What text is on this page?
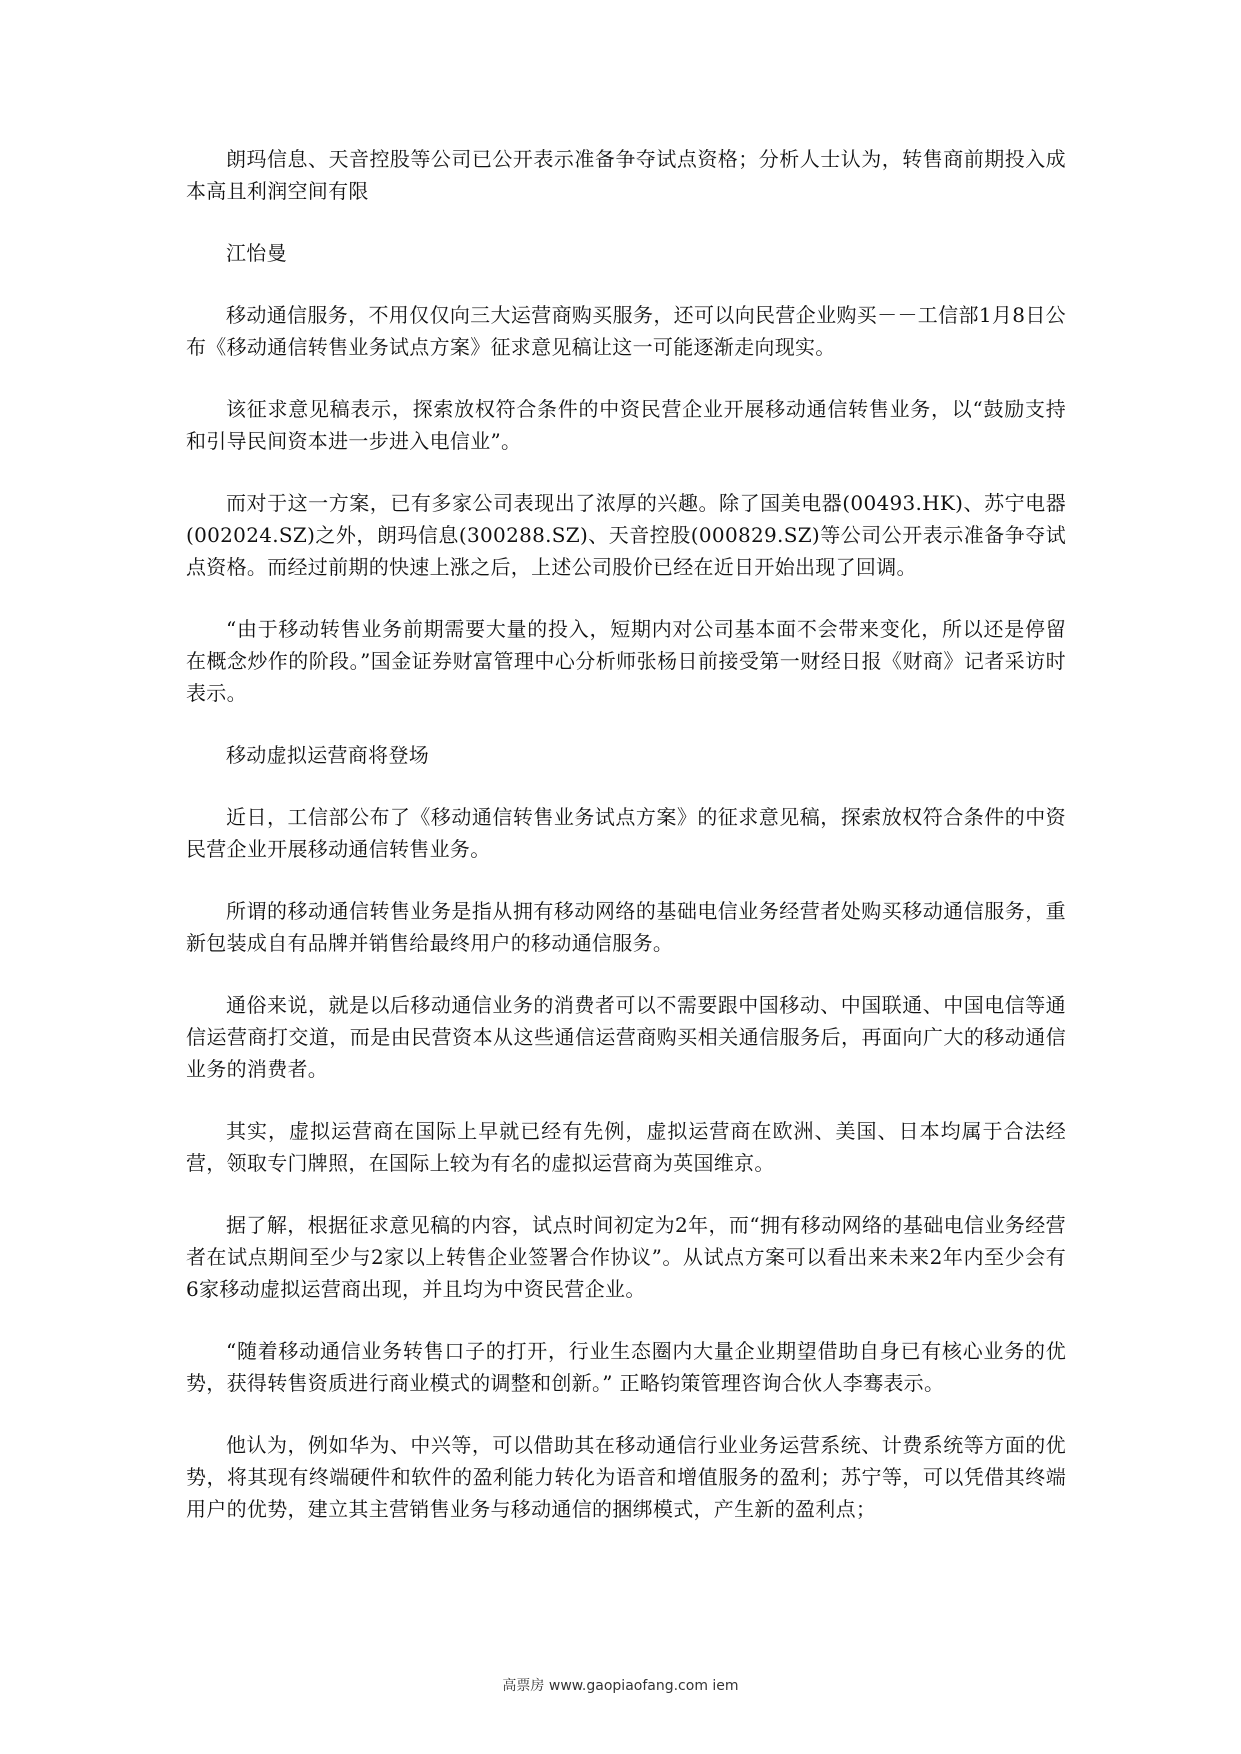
朗玛信息、天音控股等公司已公开表示准备争夺试点资格；分析人士认为，转售商前期投入成本高且利润空间有限

江怡曼

移动通信服务，不用仅仅向三大运营商购买服务，还可以向民营企业购买－－工信部1月8日公布《移动通信转售业务试点方案》征求意见稿让这一可能逐渐走向现实。

该征求意见稿表示，探索放权符合条件的中资民营企业开展移动通信转售业务，以“鼓励支持和引导民间资本进一步进入电信业”。

而对于这一方案，已有多家公司表现出了浓厚的兴趣。除了国美电器(00493.HK)、苏宁电器(002024.SZ)之外，朗玛信息(300288.SZ)、天音控股(000829.SZ)等公司公开表示准备争夺试点资格。而经过前期的快速上涨之后，上述公司股价已经在近日开始出现了回调。

“由于移动转售业务前期需要大量的投入，短期内对公司基本面不会带来变化，所以还是停留在概念炒作的阶段。”国金证券财富管理中心分析师张杨日前接受第一财经日报《财商》记者采访时表示。

移动虚拟运营商将登场

近日，工信部公布了《移动通信转售业务试点方案》的征求意见稿，探索放权符合条件的中资民营企业开展移动通信转售业务。

所谓的移动通信转售业务是指从拥有移动网络的基础电信业务经营者处购买移动通信服务，重新包装成自有品牌并销售给最终用户的移动通信服务。

通俗来说，就是以后移动通信业务的消费者可以不需要跟中国移动、中国联通、中国电信等通信运营商打交道，而是由民营资本从这些通信运营商购买相关通信服务后，再面向广大的移动通信业务的消费者。

其实，虚拟运营商在国际上早就已经有先例，虚拟运营商在欧洲、美国、日本均属于合法经营，领取专门牌照，在国际上较为有名的虚拟运营商为英国维京。

据了解，根据征求意见稿的内容，试点时间初定为2年，而“拥有移动网络的基础电信业务经营者在试点期间至少与2家以上转售企业签署合作协议”。从试点方案可以看出来未来2年内至少会有6家移动虚拟运营商出现，并且均为中资民营企业。

“随着移动通信业务转售口子的打开，行业生态圈内大量企业期望借助自身已有核心业务的优势，获得转售资质进行商业模式的调整和创新。” 正略钧策管理咨询合伙人李骞表示。

他认为，例如华为、中兴等，可以借助其在移动通信行业业务运营系统、计费系统等方面的优势，将其现有终端硬件和软件的盈利能力转化为语音和增值服务的盈利；苏宁等，可以凭借其终端用户的优势，建立其主营销售业务与移动通信的捆绑模式，产生新的盈利点；

高票房 www.gaopiaofang.com iem
